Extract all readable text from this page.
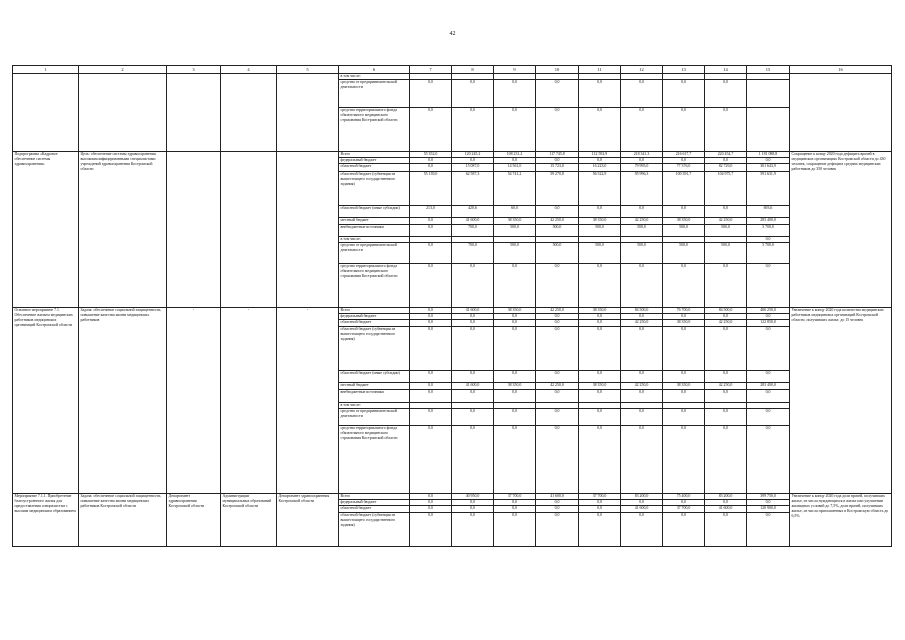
42
1	2	3	4	5	6	7	8	9	10	11	12	13	14	15	16
					в том числе:										
					средства от предпринимательской деятельности	0,0	0,0	0,0	0,0	0,0	0,0	0,0	0,0		
					средства территориального фонда обязательного медицинского страхования Костромской области	0,0	0,0	0,0	0,0	0,0	0,0	0,0	0,0		
Подпрограмма «Кадровое обеспечение системы здравоохранения»	Цель: обеспечение системы здравоохранения высококвалифицированными специалистами учреждений здравоохранения Костромской области				Всего	55 352,0	120 245,2	108 231,2	117 745,8	112 592,9	218 341,3	216 617,7	220 454,7	1 181 088,8	Сокращение к концу 2020 года дефицита врачей в медицинских организациях Костромской области до 430 человек, сокращение дефицита средних медицинских работников до 350 человек
					федеральный бюджет	0,0	0,0	0,0	0,0	0,0	0,0	0,0	0,0	0,0	
					областной бюджет	0,0	15 087,0	14 561,0	15 723,0	16 223,0	79 995,0	77 376,0	82 729,0	301 643,9	
					областной бюджет (субвенция из вышестоящего государственного задания)	55 139,0	62 587,3	54 741,2	59 270,8	56 522,9	95 996,3	100 391,7	104 975,7	591 631,9	
					областной бюджет (иные субсидии)	213,0	420,6	60,0	0,0	0,0	0,0	0,0	0,0	693,6	
					местный бюджет	0,0	41 600,0	38 350,0	42 250,0	38 350,0	42 250,0	38 350,0	42 250,0	283 400,0	
					внебюджетные источники	0,0	700,0	500,0	500,0	500,0	500,0	500,0	500,0	3 700,0	
					в том числе:									0,0	
					средства от предпринимательской деятельности	0,0	700,0	500,0	500,0	500,0	500,0	500,0	500,0	3 700,0	
					средства территориального фонда обязательного медицинского страхования Костромской области	0,0	0,0	0,0	0,0	0,0	0,0	0,0	0,0	0,0	
Основное мероприятие 7.1. Обеспечение жильем медицинских работников медицинских организаций Костромской области	Задача: обеспечение социальной защищенности, повышение качества жизни медицинских работников	-	-	-	Всего	0,0	41 600,0	38 350,0	42 250,0	38 350,0	84 500,0	76 700,0	84 500,0	406 250,0	Увеличение к концу 2020 года количества медицинских работников медицинских организаций Костромской области, получивших жилье, до 15 человек
					федеральный бюджет	0,0	0,0	0,0	0,0	0,0	0,0	0,0	0,0	0,0	
					областной бюджет	0,0	0,0	0,0	0,0	0,0	42 250,0	38 350,0	42 250,0	122 850,0	
					областной бюджет (субвенция из вышестоящего государственного задания)	0,0	0,0	0,0	0,0	0,0	0,0	0,0	0,0	0,0	
					областной бюджет (иные субсидии)	0,0	0,0	0,0	0,0	0,0	0,0	0,0	0,0	0,0	
					местный бюджет	0,0	41 600,0	38 350,0	42 250,0	38 350,0	42 250,0	38 350,0	42 250,0	283 400,0	
					внебюджетные источники	0,0	0,0	0,0	0,0	0,0	0,0	0,0	0,0	0,0	
					в том числе:										
					средства от предпринимательской деятельности	0,0	0,0	0,0	0,0	0,0	0,0	0,0	0,0	0,0	
					средства территориального фонда обязательного медицинского страхования Костромской области	0,0	0,0	0,0	0,0	0,0	0,0	0,0	0,0	0,0	
Мероприятие 7.1.1. Приобретение благоустроенного жилья для предоставления специалистам с высшим медицинским образованием	Задача: обеспечение социальной защищенности, повышение качества жизни медицинских работников Костромской области	Департамент здравоохранения Костромской области	Администрации муниципальных образований Костромской области	Департамент здравоохранения Костромской области	Всего	0,0	40 950,0	37 700,0	41 600,0	37 700,0	83 200,0	75 400,0	83 200,0	399 750,0	Увеличение к концу 2020 года доли врачей, получивших жилье, из числа нуждающихся в жилье или улучшении жилищных условий до 7,5%, доли врачей, получивших жилье, из числа приглашенных в Костромскую область до 6,5%
					федеральный бюджет	0,0	0,0	0,0	0,0	0,0	0,0	0,0	0,0	0,0	
					областной бюджет	0,0	0,0	0,0	0,0	0,0	41 600,0	37 700,0	41 600,0	120 900,0	
					областной бюджет (субвенция из вышестоящего государственного задания)	0,0	0,0	0,0	0,0	0,0	0,0	0,0	0,0	0,0	
